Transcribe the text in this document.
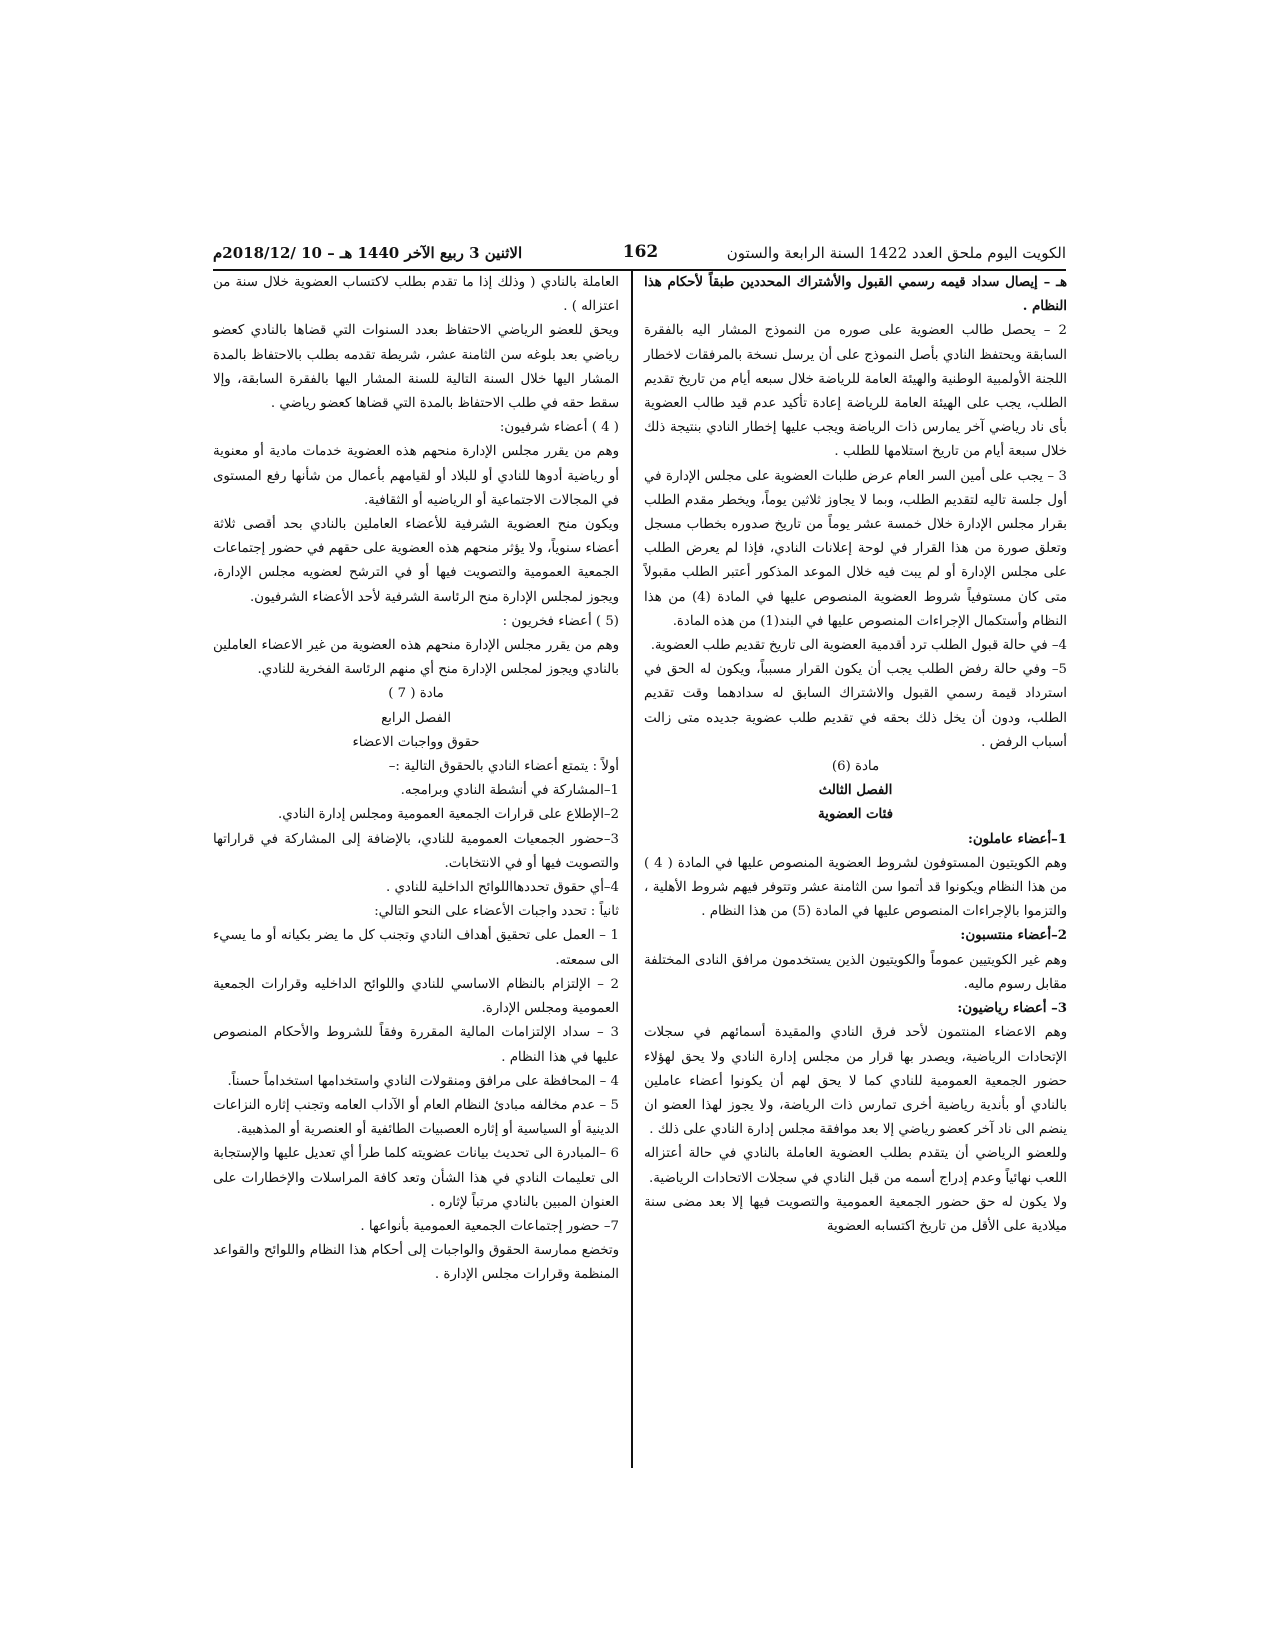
الكويت اليوم ملحق العدد 1422 السنة الرابعة والستون
162
الاثنين 3 ربيع الآخر 1440 هـ – 10 /2018/12م

هـ – إيصال سداد قيمه رسمي القبول والأشتراك المحددين طبقاً لأحكام هذا النظام .

2 – يحصل طالب العضوية على صوره من النموذج المشار اليه بالفقرة السابقة ويحتفظ النادي بأصل النموذج على أن يرسل نسخة بالمرفقات لاخطار اللجنة الأولمبية الوطنية والهيئة العامة للرياضة خلال سبعه أيام من تاريخ تقديم الطلب، يجب على الهيئة العامة للرياضة إعادة تأكيد عدم قيد طالب العضوية بأى ناد رياضي آخر يمارس ذات الرياضة ويجب عليها إخطار النادي بنتيجة ذلك خلال سبعة أيام من تاريخ استلامها للطلب .

3 – يجب على أمين السر العام عرض طلبات العضوية على مجلس الإدارة في أول جلسة تاليه لتقديم الطلب، وبما لا يجاوز ثلاثين يوماً، ويخطر مقدم الطلب بقرار مجلس الإدارة خلال خمسة عشر يوماً من تاريخ صدوره بخطاب مسجل وتعلق صورة من هذا القرار في لوحة إعلانات النادي، فإذا لم يعرض الطلب على مجلس الإدارة أو لم يبت فيه خلال الموعد المذكور أعتبر الطلب مقبولاً متى كان مستوفياً شروط العضوية المنصوص عليها في المادة (4) من هذا النظام وأستكمال الإجراءات المنصوص عليها في البند(1) من هذه المادة.

4– في حالة قبول الطلب ترد أقدمية العضوية الى تاريخ تقديم طلب العضوية.

5– وفي حالة رفض الطلب يجب أن يكون القرار مسبباً، ويكون له الحق في استرداد قيمة رسمي القبول والاشتراك السابق له سدادهما وقت تقديم الطلب، ودون أن يخل ذلك بحقه في تقديم طلب عضوية جديده متى زالت أسباب الرفض .

مادة (6)

الفصل الثالث

فئات العضوية

1–أعضاء عاملون:

وهم الكويتيون المستوفون لشروط العضوية المنصوص عليها في المادة ( 4 ) من هذا النظام ويكونوا قد أتموا سن الثامنة عشر وتتوفر فيهم شروط الأهلية ، والتزموا بالإجراءات المنصوص عليها في المادة (5) من هذا النظام .

2–أعضاء منتسبون:

وهم غير الكويتيين عموماً والكويتيون الذين يستخدمون مرافق النادى المختلفة مقابل رسوم ماليه.

3– أعضاء رياضيون:

وهم الاعضاء المنتمون لأحد فرق النادي والمقيدة أسمائهم في سجلات الإتحادات الرياضية، ويصدر بها قرار من مجلس إدارة النادي ولا يحق لهؤلاء حضور الجمعية العمومية للنادي كما لا يحق لهم أن يكونوا أعضاء عاملين بالنادي أو بأندية رياضية أخرى تمارس ذات الرياضة، ولا يجوز لهذا العضو ان ينضم الى ناد آخر كعضو رياضي إلا بعد موافقة مجلس إدارة النادي على ذلك .

وللعضو الرياضي أن يتقدم بطلب العضوية العاملة بالنادي في حالة أعتزاله اللعب نهائياً وعدم إدراج أسمه من قبل النادي في سجلات الاتحادات الرياضية.

ولا يكون له حق حضور الجمعية العمومية والتصويت فيها إلا بعد مضى سنة ميلادية على الأقل من تاريخ اكتسابه العضوية

العاملة بالنادي ( وذلك إذا ما تقدم بطلب لاكتساب العضوية خلال سنة من اعتزاله ) .

ويحق للعضو الرياضي الاحتفاظ بعدد السنوات التي قضاها بالنادي كعضو رياضي بعد بلوغه سن الثامنة عشر، شريطة تقدمه بطلب بالاحتفاظ بالمدة المشار اليها خلال السنة التالية للسنة المشار اليها بالفقرة السابقة، وإلا سقط حقه في طلب الاحتفاظ بالمدة التي قضاها كعضو رياضي .

( 4 ) أعضاء شرفيون:

وهم من يقرر مجلس الإدارة منحهم هذه العضوية خدمات مادية أو معنوية أو رياضية أدوها للنادي أو للبلاد أو لقيامهم بأعمال من شأنها رفع المستوى في المجالات الاجتماعية أو الرياضيه أو الثقافية.

ويكون منح العضوية الشرفية للأعضاء العاملين بالنادي بحد أقصى ثلاثة أعضاء سنوياً، ولا يؤثر منحهم هذه العضوية على حقهم في حضور إجتماعات الجمعية العمومية والتصويت فيها أو في الترشح لعضويه مجلس الإدارة، ويجوز لمجلس الإدارة منح الرئاسة الشرفية لأحد الأعضاء الشرفيون.

(5 ) أعضاء فخريون :

وهم من يقرر مجلس الإدارة منحهم هذه العضوية من غير الاعضاء العاملين بالنادي ويجوز لمجلس الإدارة منح أي منهم الرئاسة الفخرية للنادي.

مادة ( 7 )

الفصل الرابع

حقوق وواجبات الاعضاء

أولاً : يتمتع أعضاء النادي بالحقوق التالية :–

1–المشاركة في أنشطة النادي وبرامجه.

2–الإطلاع على قرارات الجمعية العمومية ومجلس إدارة النادي.

3–حضور الجمعيات العمومية للنادي، بالإضافة إلى المشاركة في قراراتها والتصويت فيها أو في الانتخابات.

4–أي حقوق تحددهااللوائح الداخلية للنادي .

ثانياً : تحدد واجبات الأعضاء على النحو التالي:

1 – العمل على تحقيق أهداف النادي وتجنب كل ما يضر بكيانه أو ما يسيء الى سمعته.

2 – الإلتزام بالنظام الاساسي للنادي واللوائح الداخليه وقرارات الجمعية العمومية ومجلس الإدارة.

3 – سداد الإلتزامات المالية المقررة وفقاً للشروط والأحكام المنصوص عليها في هذا النظام .

4 – المحافظة على مرافق ومنقولات النادي واستخدامها استخداماً حسناً.

5 – عدم مخالفه مبادئ النظام العام أو الآداب العامه وتجنب إثاره النزاعات الدينية أو السياسية أو إثاره العصبيات الطائفية أو العنصرية أو المذهبية.

6 –المبادرة الى تحديث بيانات عضويته كلما طرأ أي تعديل عليها والإستجابة الى تعليمات النادي في هذا الشأن وتعد كافة المراسلات والإخطارات على العنوان المبين بالنادي مرتباً لإثاره .

7– حضور إجتماعات الجمعية العمومية بأنواعها .

وتخضع ممارسة الحقوق والواجبات إلى أحكام هذا النظام واللوائح والقواعد المنظمة وقرارات مجلس الإدارة .
